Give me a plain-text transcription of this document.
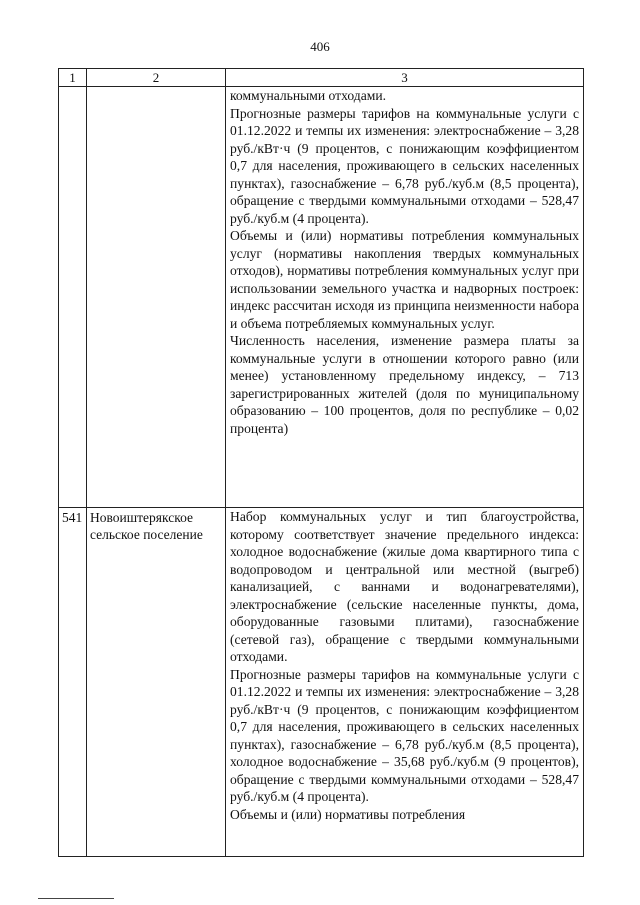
406
1	2	3

		коммунальными отходами.

Прогнозные размеры тарифов на коммунальные услуги с 01.12.2022 и темпы их изменения: электроснабжение – 3,28 руб./кВт·ч (9 процентов, с понижающим коэффициентом 0,7 для населения, проживающего в сельских населенных пунктах), газоснабжение – 6,78 руб./куб.м (8,5 процента), обращение с твердыми коммунальными отходами – 528,47 руб./куб.м (4 процента).

Объемы и (или) нормативы потребления коммунальных услуг (нормативы накопления твердых коммунальных отходов), нормативы потребления коммунальных услуг при использовании земельного участка и надворных построек: индекс рассчитан исходя из принципа неизменности набора и объема потребляемых коммунальных услуг.

Численность населения, изменение размера платы за коммунальные услуги в отношении которого равно (или менее) установленному предельному индексу, – 713 зарегистрированных жителей (доля по муниципальному образованию – 100 процентов, доля по республике – 0,02 процента)

541	Новоиштерякское сельское поселение	Набор коммунальных услуг и тип благоустройства, которому соответствует значение предельного индекса: холодное водоснабжение (жилые дома квартирного типа с водопроводом и центральной или местной (выгреб) канализацией, с ваннами и водонагревателями), электроснабжение (сельские населенные пункты, дома, оборудованные газовыми плитами), газоснабжение (сетевой газ), обращение с твердыми коммунальными отходами.

Прогнозные размеры тарифов на коммунальные услуги с 01.12.2022 и темпы их изменения: электроснабжение – 3,28 руб./кВт·ч (9 процентов, с понижающим коэффициентом 0,7 для населения, проживающего в сельских населенных пунктах), газоснабжение – 6,78 руб./куб.м (8,5 процента), холодное водоснабжение – 35,68 руб./куб.м (9 процентов), обращение с твердыми коммунальными отходами – 528,47 руб./куб.м (4 процента).

Объемы и (или) нормативы потребления
